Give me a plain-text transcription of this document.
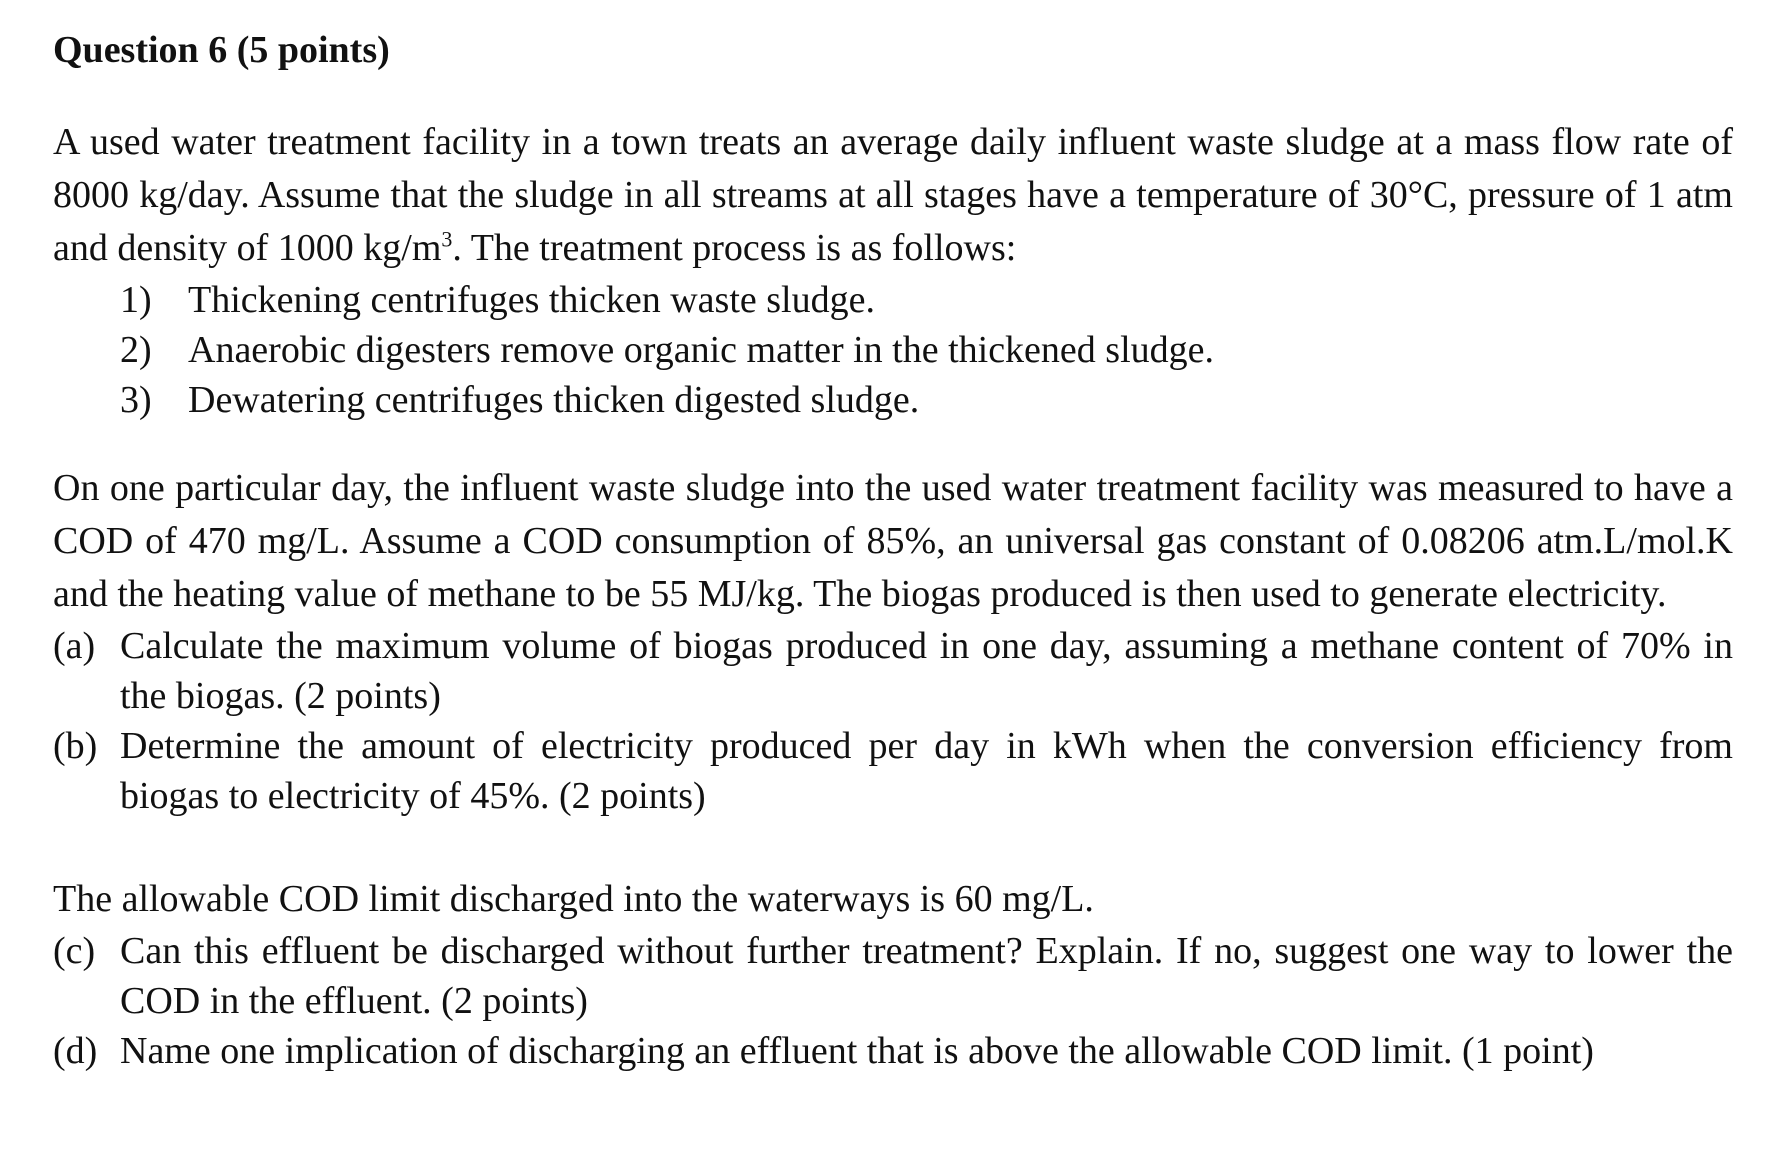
Question 6 (5 points)

A used water treatment facility in a town treats an average daily influent waste sludge at a mass flow rate of 8000 kg/day. Assume that the sludge in all streams at all stages have a temperature of 30°C, pressure of 1 atm and density of 1000 $kg/m^3$. The treatment process is as follows:

1) Thickening centrifuges thicken waste sludge.
2) Anaerobic digesters remove organic matter in the thickened sludge.
3) Dewatering centrifuges thicken digested sludge.

On one particular day, the influent waste sludge into the used water treatment facility was measured to have a COD of 470 mg/L. Assume a COD consumption of 85%, an universal gas constant of 0.08206 atm.L/mol.K and the heating value of methane to be 55 MJ/kg. The biogas produced is then used to generate electricity.

(a) Calculate the maximum volume of biogas produced in one day, assuming a methane content of 70% in the biogas. (2 points)
(b) Determine the amount of electricity produced per day in kWh when the conversion efficiency from biogas to electricity of 45%. (2 points)

The allowable COD limit discharged into the waterways is 60 mg/L.

(c) Can this effluent be discharged without further treatment? Explain. If no, suggest one way to lower the COD in the effluent. (2 points)
(d) Name one implication of discharging an effluent that is above the allowable COD limit. (1 point)
